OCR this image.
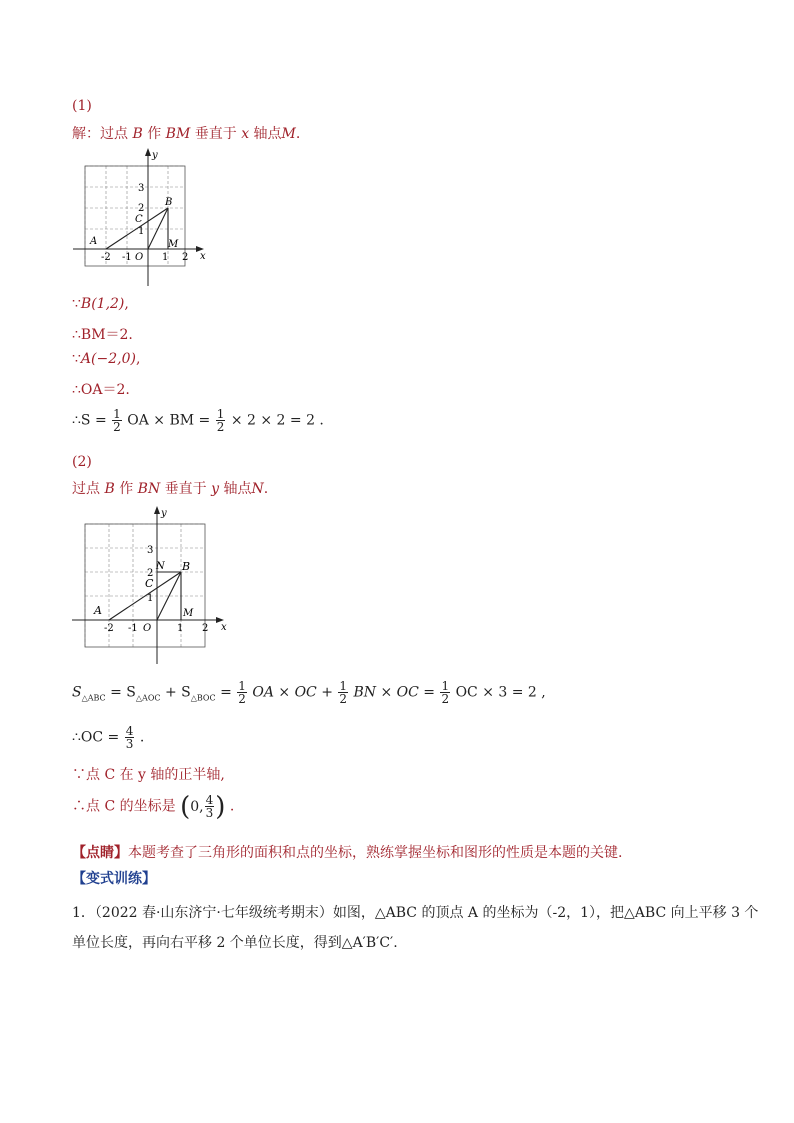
(1)
解：过点 B 作 BM 垂直于 x 轴点M.
y
x
3
2
1
-2 -1 O 1 2
A
B
C
M
∵B(1,2),
∴BM＝2.
∵A(−2,0),
∴OA＝2.
∴S = $\frac{1}{2}$ OA × BM = $\frac{1}{2} \times 2 \times 2 = 2$ .
(2)
过点 B 作 BN 垂直于 y 轴点N.
y
x
3
2
1
-2 -1 O	1 2
A
B
C
M
N
$S_{\triangle ABC} = S_{\triangle AOC} + S_{\triangle BOC} = \frac{1}{2}$ OA × OC + $\frac{1}{2}$ BN × OC = $\frac{1}{2}$ OC × 3 = 2 ,
∴OC = $\frac{4}{3}$ .
∵点 C 在 y 轴的正半轴,
∴点 C 的坐标是 (0, $\frac{4}{3}$ ) .
【点睛】本题考查了三角形的面积和点的坐标，熟练掌握坐标和图形的性质是本题的关键.
【变式训练】
1．（2022 春·山东济宁·七年级统考期末）如图，△ABC 的顶点 A 的坐标为（-2，1），把△ABC 向上平移 3 个
单位长度，再向右平移 2 个单位长度，得到△A′B′C′.
